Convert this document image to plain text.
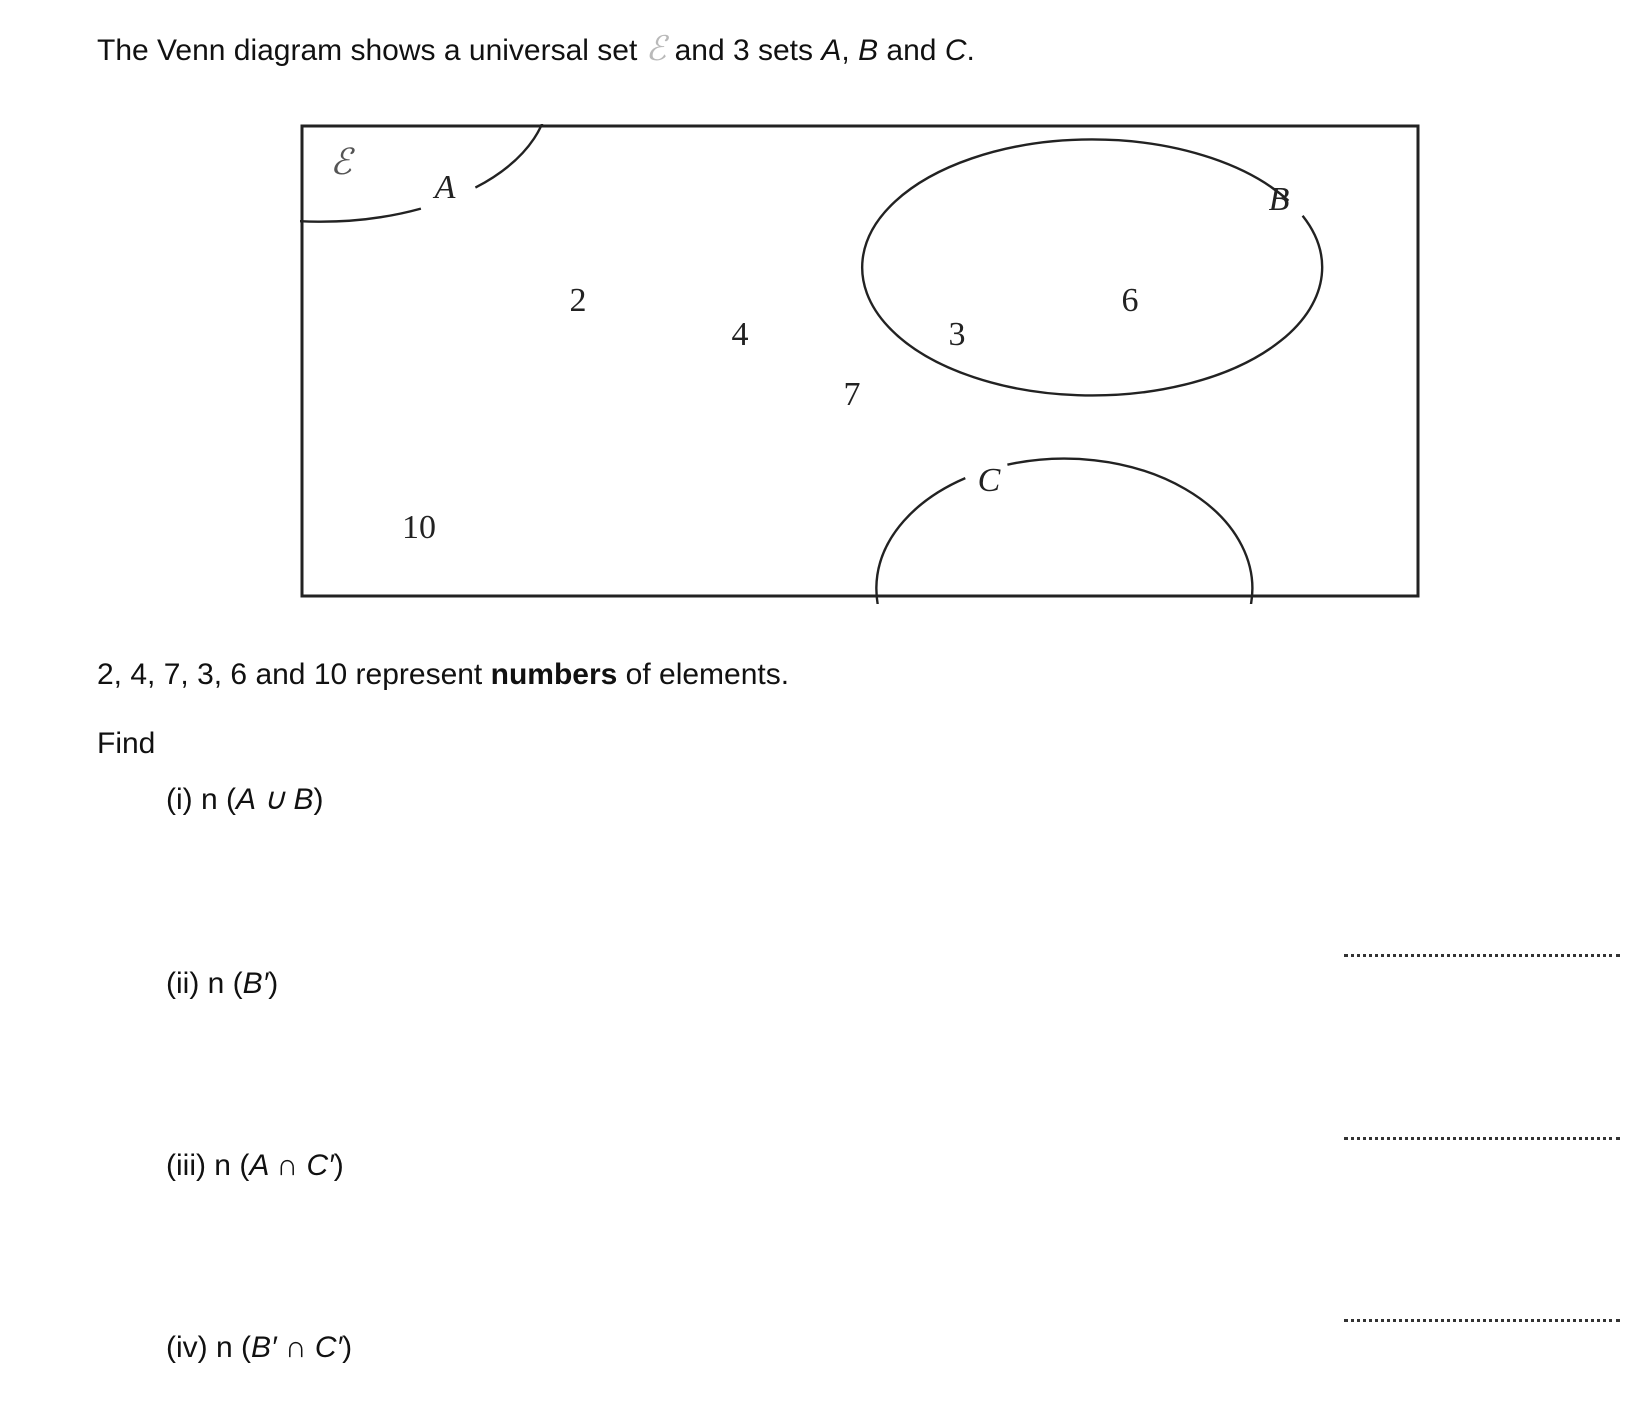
The Venn diagram shows a universal set ℰ and 3 sets A, B and C.
ℰ
A	B
C
2
4
7
3
6
10
2, 4, 7, 3, 6 and 10 represent numbers of elements.
Find
(i) n (A ∪ B)
(ii) n (B′)
(iii) n (A ∩ C′)
(iv) n (B′ ∩ C′)
